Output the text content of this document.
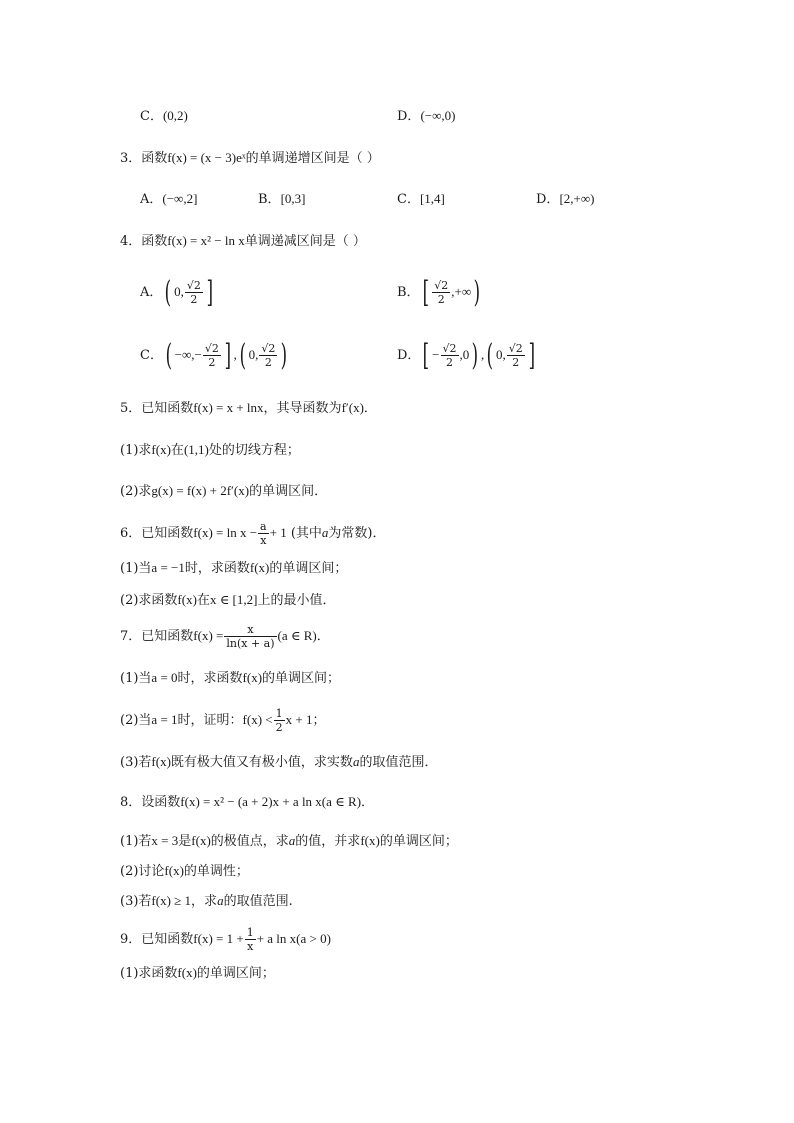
C．(0,2)	D．(−∞,0)
3．函数f(x) = (x − 3)eˣ的单调递增区间是（ ）
A．(−∞,2]	B．[0,3]	C．[1,4]	D．[2,+∞)
4．函数f(x) = x² − ln x单调递减区间是（ ）
A．( 0, $\frac{√2}{2}$ ]	B．[ $\frac{√2}{2}$ ,+∞)
C．( −∞,− $\frac{√2}{2}$ ] ,( 0, $\frac{√2}{2}$ )	D．[ − $\frac{√2}{2} ,0$) ,( 0, $\frac{√2}{2}$ ]
5．已知函数f(x) = x + lnx，其导函数为f′(x)．
(1)求f(x)在(1,1)处的切线方程；
(2)求g(x) = f(x) + 2f′(x)的单调区间．
6．已知函数$f(x) = \ln x - \frac{a}{x} + 1$ (其中a为常数)．
(1)当a = −1时，求函数f(x)的单调区间；
(2)求函数f(x)在x ∈ [1,2]上的最小值．
7．已知函数$f(x) = \frac{x}{\ln(x + a)} (a$ ∈ R)．
(1)当a = 0时，求函数f(x)的单调区间；
(2)当a = 1时，证明：$f(x) < \frac{1}{2}$ x + 1；
(3)若f(x)既有极大值又有极小值，求实数a的取值范围．
8．设函数f(x) = x² − (a + 2)x + a ln x(a ∈ R)．
(1)若x = 3是f(x)的极值点，求a的值，并求f(x)的单调区间；
(2)讨论f(x)的单调性；
(3)若f(x) ≥ 1，求a的取值范围.
9．已知函数$f(x) = 1 + \frac{1}{x} + a$ ln x(a > 0)
(1)求函数f(x)的单调区间；
